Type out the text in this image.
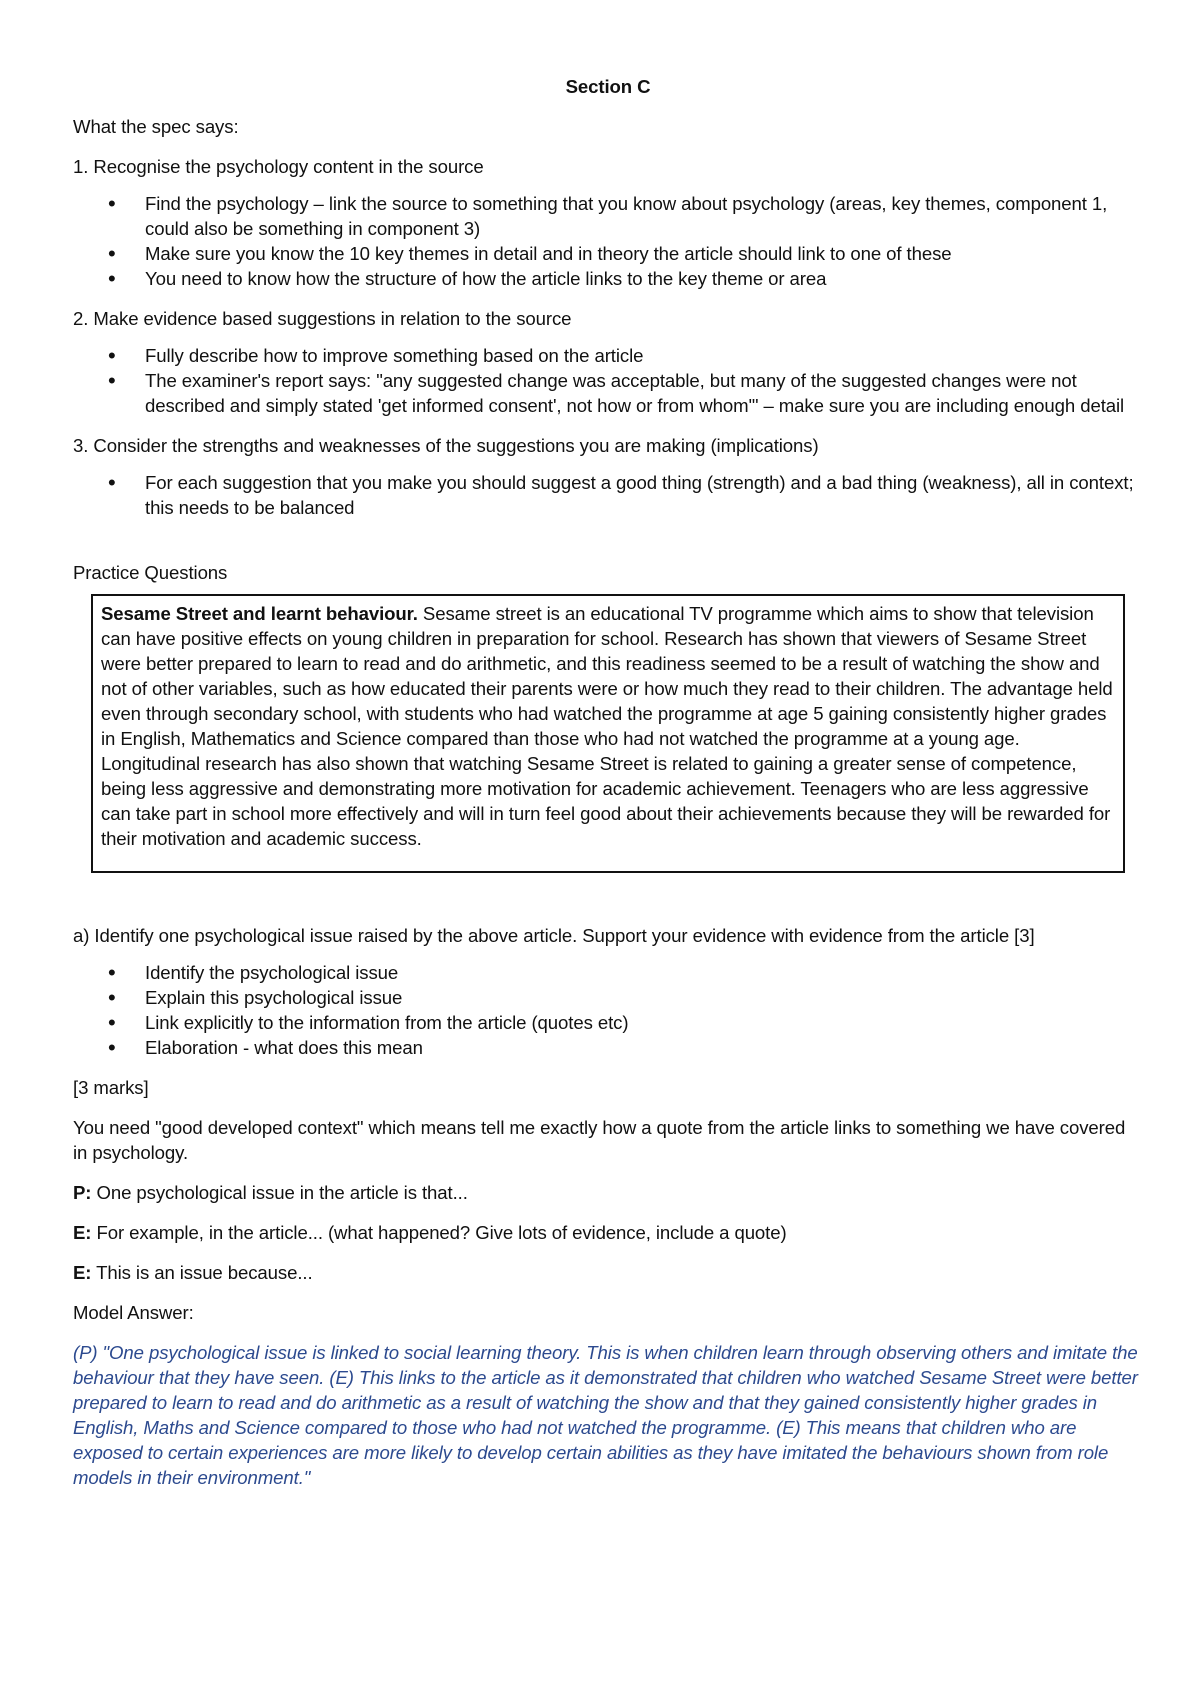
Section C

What the spec says:

1. Recognise the psychology content in the source

• Find the psychology – link the source to something that you know about psychology (areas, key themes, component 1, could also be something in component 3)
• Make sure you know the 10 key themes in detail and in theory the article should link to one of these
• You need to know how the structure of how the article links to the key theme or area

2. Make evidence based suggestions in relation to the source

• Fully describe how to improve something based on the article
• The examiner's report says: "any suggested change was acceptable, but many of the suggested changes were not described and simply stated 'get informed consent', not how or from whom'" – make sure you are including enough detail

3. Consider the strengths and weaknesses of the suggestions you are making (implications)

• For each suggestion that you make you should suggest a good thing (strength) and a bad thing (weakness), all in context; this needs to be balanced

Practice Questions

Sesame Street and learnt behaviour. Sesame street is an educational TV programme which aims to show that television can have positive effects on young children in preparation for school. Research has shown that viewers of Sesame Street were better prepared to learn to read and do arithmetic, and this readiness seemed to be a result of watching the show and not of other variables, such as how educated their parents were or how much they read to their children. The advantage held even through secondary school, with students who had watched the programme at age 5 gaining consistently higher grades in English, Mathematics and Science compared than those who had not watched the programme at a young age. Longitudinal research has also shown that watching Sesame Street is related to gaining a greater sense of competence, being less aggressive and demonstrating more motivation for academic achievement. Teenagers who are less aggressive can take part in school more effectively and will in turn feel good about their achievements because they will be rewarded for their motivation and academic success.

a) Identify one psychological issue raised by the above article. Support your evidence with evidence from the article [3]

• Identify the psychological issue
• Explain this psychological issue
• Link explicitly to the information from the article (quotes etc)
• Elaboration - what does this mean

[3 marks]

You need "good developed context" which means tell me exactly how a quote from the article links to something we have covered in psychology.

P: One psychological issue in the article is that...

E: For example, in the article... (what happened? Give lots of evidence, include a quote)

E: This is an issue because...

Model Answer:

(P) "One psychological issue is linked to social learning theory. This is when children learn through observing others and imitate the behaviour that they have seen. (E) This links to the article as it demonstrated that children who watched Sesame Street were better prepared to learn to read and do arithmetic as a result of watching the show and that they gained consistently higher grades in English, Maths and Science compared to those who had not watched the programme. (E) This means that children who are exposed to certain experiences are more likely to develop certain abilities as they have imitated the behaviours shown from role models in their environment."
